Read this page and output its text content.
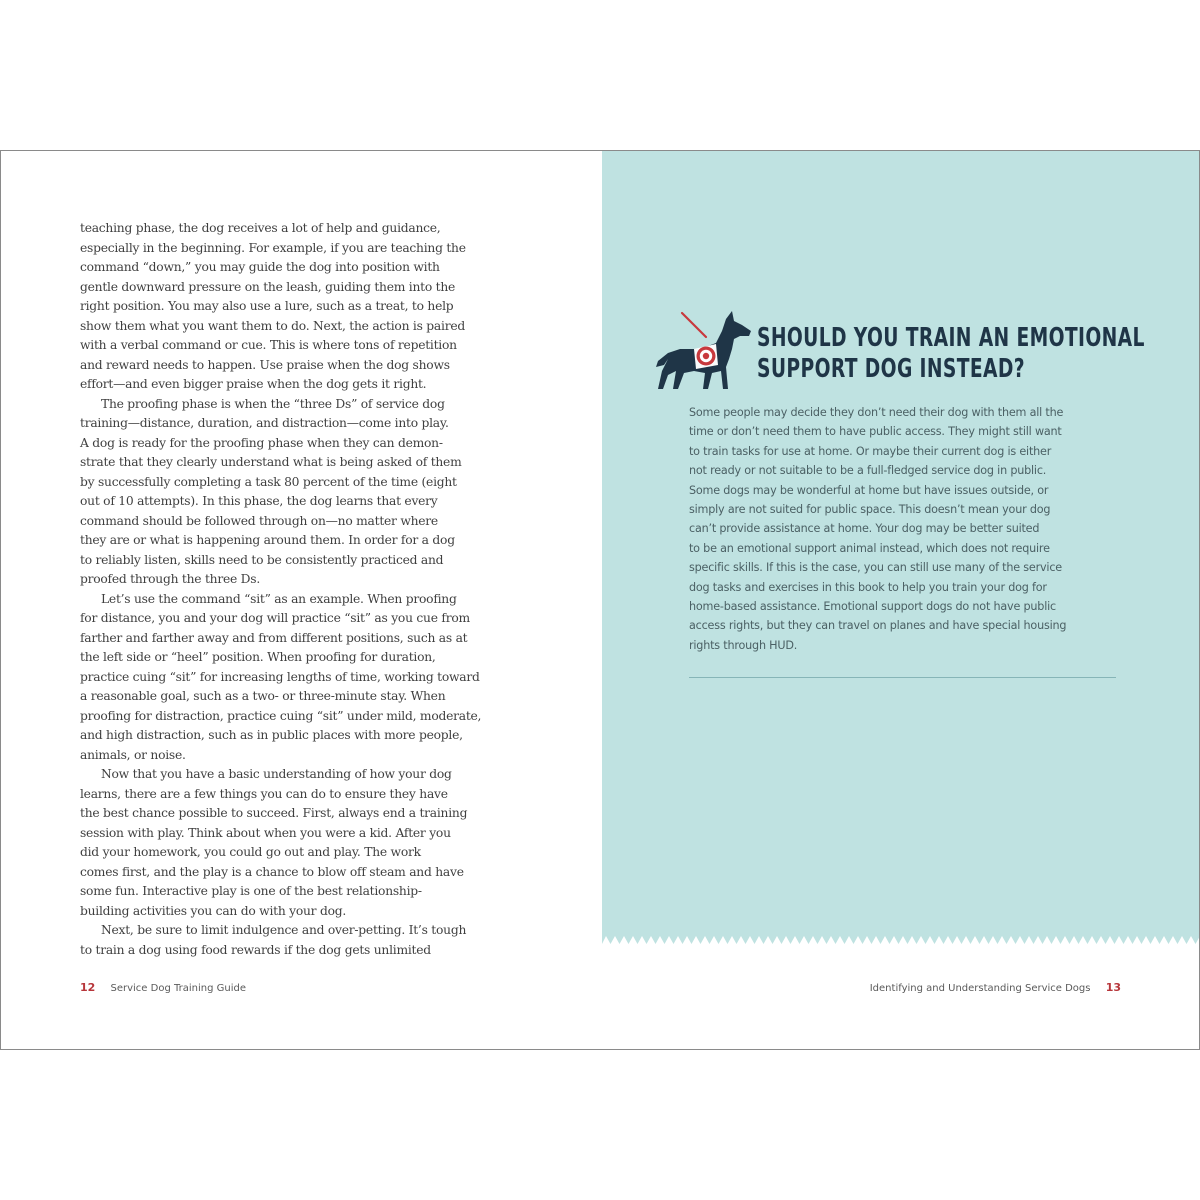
teaching phase, the dog receives a lot of help and guidance,
especially in the beginning. For example, if you are teaching the
command “down,” you may guide the dog into position with
gentle downward pressure on the leash, guiding them into the
right position. You may also use a lure, such as a treat, to help
show them what you want them to do. Next, the action is paired
with a verbal command or cue. This is where tons of repetition
and reward needs to happen. Use praise when the dog shows
effort—and even bigger praise when the dog gets it right.
The proofing phase is when the “three Ds” of service dog
training—distance, duration, and distraction—come into play.
A dog is ready for the proofing phase when they can demon-
strate that they clearly understand what is being asked of them
by successfully completing a task 80 percent of the time (eight
out of 10 attempts). In this phase, the dog learns that every
command should be followed through on—no matter where
they are or what is happening around them. In order for a dog
to reliably listen, skills need to be consistently practiced and
proofed through the three Ds.
Let’s use the command “sit” as an example. When proofing
for distance, you and your dog will practice “sit” as you cue from
farther and farther away and from different positions, such as at
the left side or “heel” position. When proofing for duration,
practice cuing “sit” for increasing lengths of time, working toward
a reasonable goal, such as a two- or three-minute stay. When
proofing for distraction, practice cuing “sit” under mild, moderate,
and high distraction, such as in public places with more people,
animals, or noise.
Now that you have a basic understanding of how your dog
learns, there are a few things you can do to ensure they have
the best chance possible to succeed. First, always end a training
session with play. Think about when you were a kid. After you
did your homework, you could go out and play. The work
comes first, and the play is a chance to blow off steam and have
some fun. Interactive play is one of the best relationship-
building activities you can do with your dog.
Next, be sure to limit indulgence and over-petting. It’s tough
to train a dog using food rewards if the dog gets unlimited
12 Service Dog Training Guide
SHOULD YOU TRAIN AN EMOTIONAL
SUPPORT DOG INSTEAD?
Some people may decide they don’t need their dog with them all the
time or don’t need them to have public access. They might still want
to train tasks for use at home. Or maybe their current dog is either
not ready or not suitable to be a full-fledged service dog in public.
Some dogs may be wonderful at home but have issues outside, or
simply are not suited for public space. This doesn’t mean your dog
can’t provide assistance at home. Your dog may be better suited
to be an emotional support animal instead, which does not require
specific skills. If this is the case, you can still use many of the service
dog tasks and exercises in this book to help you train your dog for
home-based assistance. Emotional support dogs do not have public
access rights, but they can travel on planes and have special housing
rights through HUD.
Identifying and Understanding Service Dogs 13
